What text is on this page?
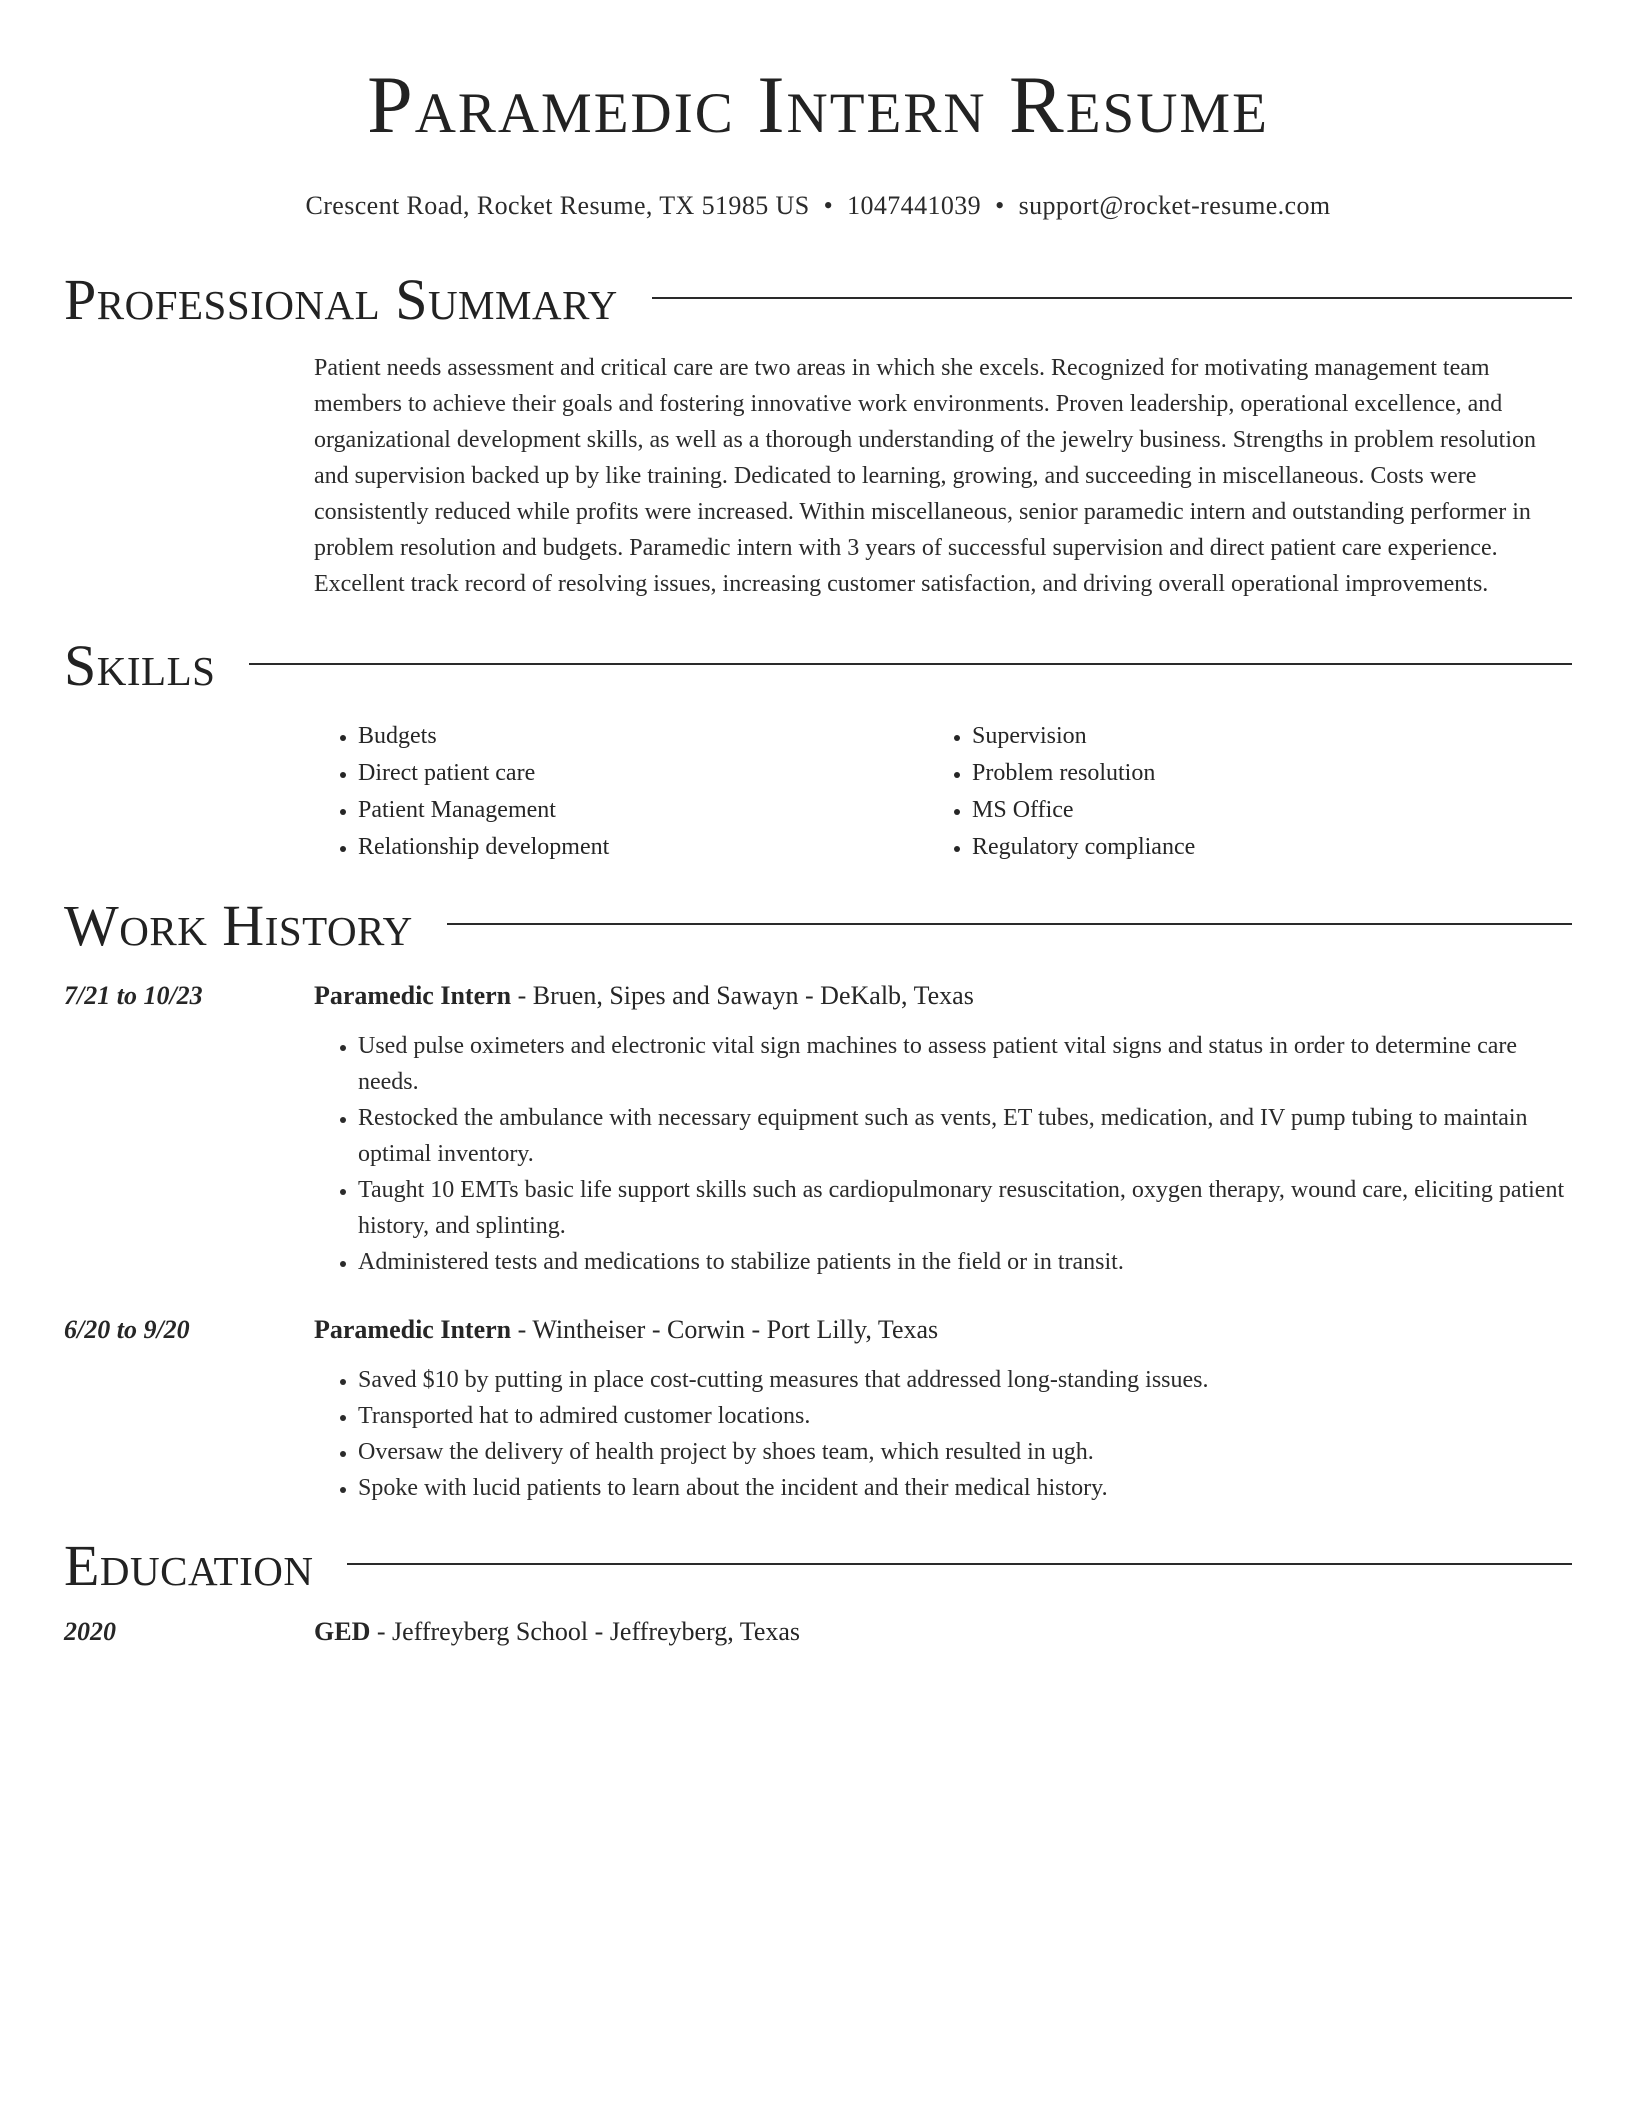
Paramedic Intern Resume
Crescent Road, Rocket Resume, TX 51985 US • 1047441039 • support@rocket-resume.com
Professional Summary
Patient needs assessment and critical care are two areas in which she excels. Recognized for motivating management team members to achieve their goals and fostering innovative work environments. Proven leadership, operational excellence, and organizational development skills, as well as a thorough understanding of the jewelry business. Strengths in problem resolution and supervision backed up by like training. Dedicated to learning, growing, and succeeding in miscellaneous. Costs were consistently reduced while profits were increased. Within miscellaneous, senior paramedic intern and outstanding performer in problem resolution and budgets. Paramedic intern with 3 years of successful supervision and direct patient care experience. Excellent track record of resolving issues, increasing customer satisfaction, and driving overall operational improvements.
Skills
• Budgets
• Direct patient care
• Patient Management
• Relationship development
• Supervision
• Problem resolution
• MS Office
• Regulatory compliance
Work History
7/21 to 10/23	Paramedic Intern - Bruen, Sipes and Sawayn - DeKalb, Texas
• Used pulse oximeters and electronic vital sign machines to assess patient vital signs and status in order to determine care needs.
• Restocked the ambulance with necessary equipment such as vents, ET tubes, medication, and IV pump tubing to maintain optimal inventory.
• Taught 10 EMTs basic life support skills such as cardiopulmonary resuscitation, oxygen therapy, wound care, eliciting patient history, and splinting.
• Administered tests and medications to stabilize patients in the field or in transit.
6/20 to 9/20	Paramedic Intern - Wintheiser - Corwin - Port Lilly, Texas
• Saved $10 by putting in place cost-cutting measures that addressed long-standing issues.
• Transported hat to admired customer locations.
• Oversaw the delivery of health project by shoes team, which resulted in ugh.
• Spoke with lucid patients to learn about the incident and their medical history.
Education
2020	GED - Jeffreyberg School - Jeffreyberg, Texas
